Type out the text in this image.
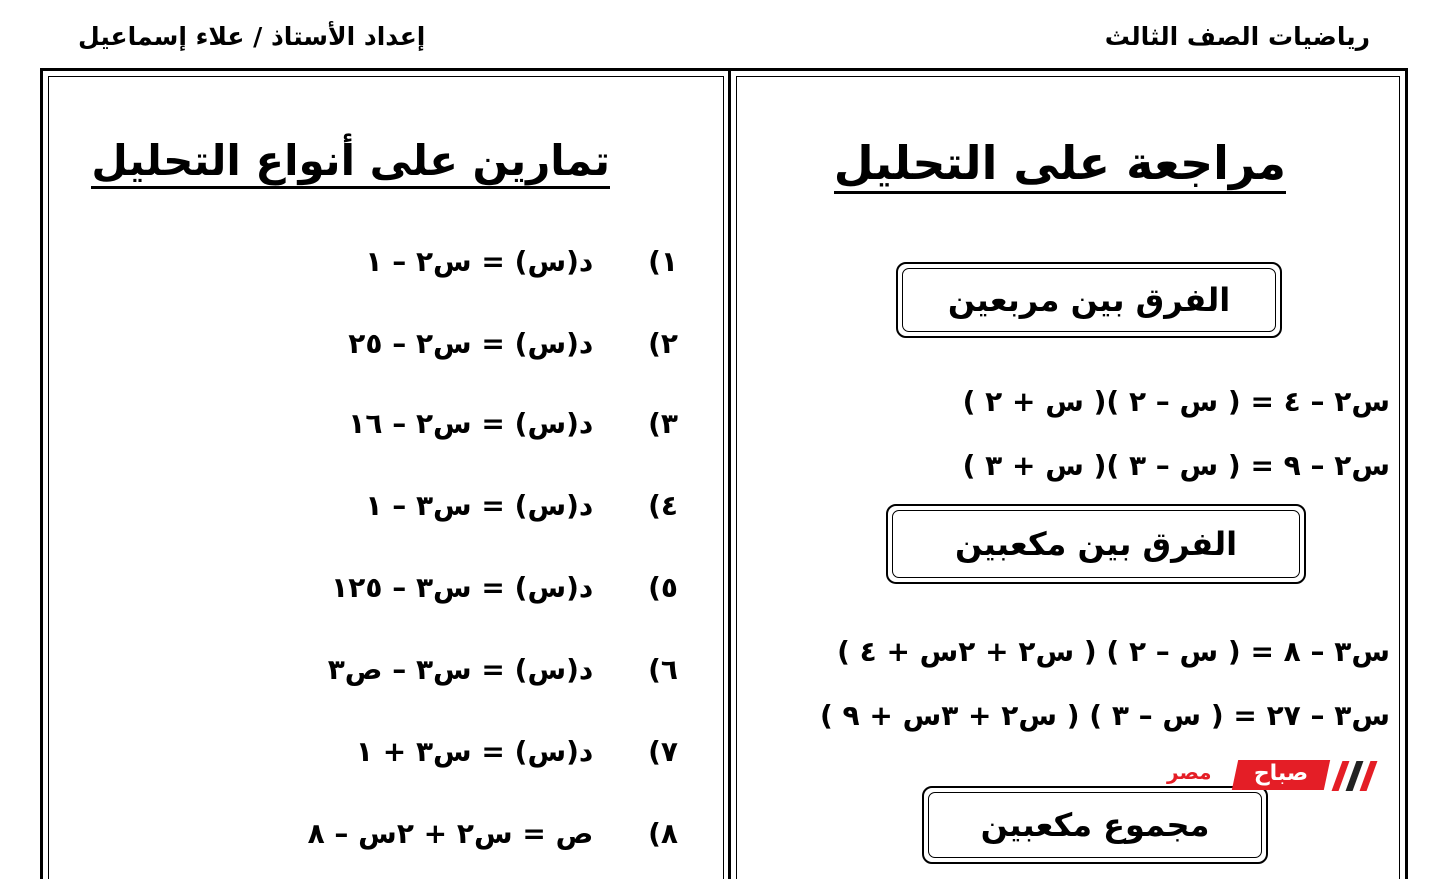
رياضيات الصف الثالث
إعداد الأستاذ / علاء إسماعيل
مراجعة على التحليل
الفرق بين مربعين
س٢ – ٤ = ( س – ٢ )( س + ٢ )
س٢ – ٩ = ( س – ٣ )( س + ٣ )
الفرق بين مكعبين
س٣ – ٨ = ( س – ٢ ) ( س٢ + ٢س + ٤ )
س٣ – ٢٧ = ( س – ٣ ) ( س٢ + ٣س + ٩ )
مجموع مكعبين
صباح
مصر
تمارين على أنواع التحليل
١) د(س) = س٢ – ١
٢) د(س) = س٢ – ٢٥
٣) د(س) = س٢ – ١٦
٤) د(س) = س٣ – ١
٥) د(س) = س٣ – ١٢٥
٦) د(س) = س٣ – ص٣
٧) د(س) = س٣ + ١
٨) ص = س٢ + ٢س – ٨
